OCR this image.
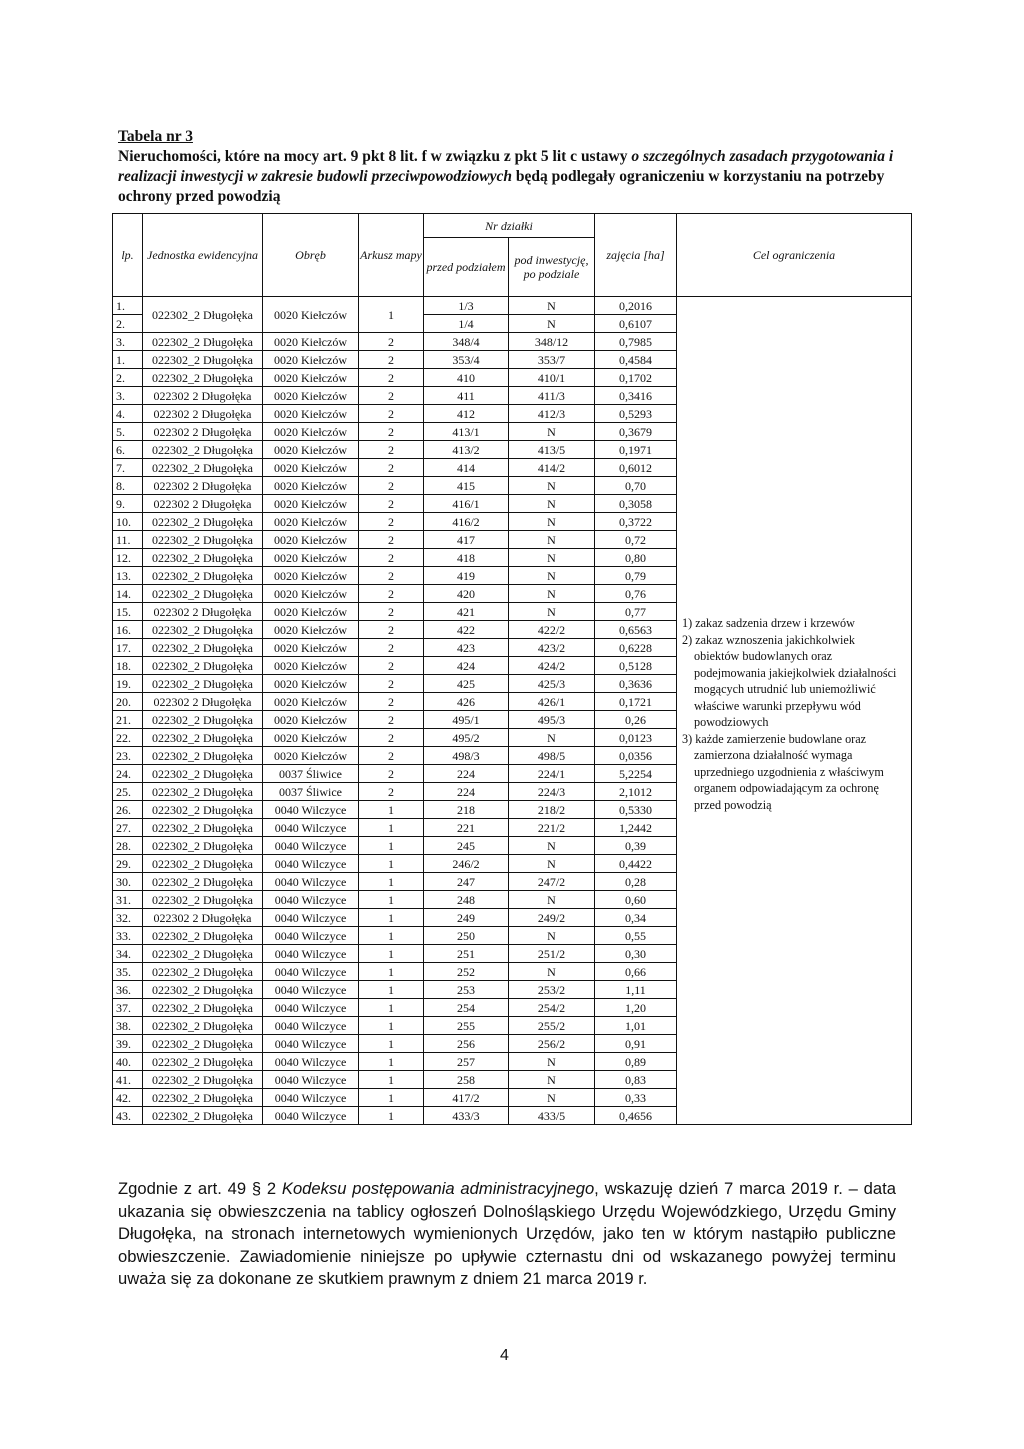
Tabela nr 3
Nieruchomości, które na mocy art. 9 pkt 8 lit. f w związku z pkt 5 lit c ustawy o szczególnych zasadach przygotowania i realizacji inwestycji w zakresie budowli przeciwpowodziowych będą podlegały ograniczeniu w korzystaniu na potrzeby ochrony przed powodzią
lp.	Jednostka ewidencyjna	Obręb	Arkusz mapy	Nr działki		zajęcia [ha]	Cel ograniczenia
				przed podziałem	pod inwestycję, po podziale		
1.	022302_2 Długołęka	0020 Kiełczów	1	1/3	N	0,2016	1) zakaz sadzenia drzew i krzewów
2) zakaz wznoszenia jakichkolwiek obiektów budowlanych oraz podejmowania jakiejkolwiek działalności mogących utrudnić lub uniemożliwić właściwe warunki przepływu wód powodziowych
3) każde zamierzenie budowlane oraz zamierzona działalność wymaga uprzedniego uzgodnienia z właściwym organem odpowiadającym za ochronę przed powodzią

2.				1/4	N	0,6107	
3.	022302_2 Długołęka	0020 Kiełczów	2	348/4	348/12	0,7985	
1.	022302_2 Długołęka	0020 Kiełczów	2	353/4	353/7	0,4584	
2.	022302_2 Długołęka	0020 Kiełczów	2	410	410/1	0,1702	
3.	022302 2 Długołęka	0020 Kiełczów	2	411	411/3	0,3416	
4.	022302 2 Długołęka	0020 Kiełczów	2	412	412/3	0,5293	
5.	022302 2 Długołęka	0020 Kiełczów	2	413/1	N	0,3679	
6.	022302_2 Długołęka	0020 Kiełczów	2	413/2	413/5	0,1971	
7.	022302_2 Długołęka	0020 Kiełczów	2	414	414/2	0,6012	
8.	022302 2 Długołęka	0020 Kiełczów	2	415	N	0,70	
9.	022302 2 Długołęka	0020 Kiełczów	2	416/1	N	0,3058	
10.	022302_2 Długołęka	0020 Kiełczów	2	416/2	N	0,3722	
11.	022302_2 Długołęka	0020 Kiełczów	2	417	N	0,72	
12.	022302_2 Długołęka	0020 Kiełczów	2	418	N	0,80	
13.	022302_2 Długołęka	0020 Kiełczów	2	419	N	0,79	
14.	022302_2 Długołęka	0020 Kiełczów	2	420	N	0,76	
15.	022302 2 Długołęka	0020 Kiełczów	2	421	N	0,77	
16.	022302_2 Długołęka	0020 Kiełczów	2	422	422/2	0,6563	
17.	022302_2 Długołęka	0020 Kiełczów	2	423	423/2	0,6228	
18.	022302_2 Długołęka	0020 Kiełczów	2	424	424/2	0,5128	
19.	022302_2 Długołęka	0020 Kiełczów	2	425	425/3	0,3636	
20.	022302 2 Długołęka	0020 Kiełczów	2	426	426/1	0,1721	
21.	022302_2 Długołęka	0020 Kiełczów	2	495/1	495/3	0,26	
22.	022302_2 Długołęka	0020 Kiełczów	2	495/2	N	0,0123	
23.	022302_2 Długołęka	0020 Kiełczów	2	498/3	498/5	0,0356	
24.	022302_2 Długołęka	0037 Śliwice	2	224	224/1	5,2254	
25.	022302_2 Długołęka	0037 Śliwice	2	224	224/3	2,1012	
26.	022302_2 Długołęka	0040 Wilczyce	1	218	218/2	0,5330	
27.	022302_2 Długołęka	0040 Wilczyce	1	221	221/2	1,2442	
28.	022302_2 Długołęka	0040 Wilczyce	1	245	N	0,39	
29.	022302_2 Długołęka	0040 Wilczyce	1	246/2	N	0,4422	
30.	022302_2 Długołęka	0040 Wilczyce	1	247	247/2	0,28	
31.	022302_2 Długołęka	0040 Wilczyce	1	248	N	0,60	
32.	022302 2 Długołęka	0040 Wilczyce	1	249	249/2	0,34	
33.	022302_2 Długołęka	0040 Wilczyce	1	250	N	0,55	
34.	022302_2 Długołęka	0040 Wilczyce	1	251	251/2	0,30	
35.	022302_2 Długołęka	0040 Wilczyce	1	252	N	0,66	
36.	022302_2 Długołęka	0040 Wilczyce	1	253	253/2	1,11	
37.	022302_2 Długołęka	0040 Wilczyce	1	254	254/2	1,20	
38.	022302_2 Długołęka	0040 Wilczyce	1	255	255/2	1,01	
39.	022302_2 Długołęka	0040 Wilczyce	1	256	256/2	0,91	
40.	022302_2 Długołęka	0040 Wilczyce	1	257	N	0,89	
41.	022302_2 Długołęka	0040 Wilczyce	1	258	N	0,83	
42.	022302_2 Długołęka	0040 Wilczyce	1	417/2	N	0,33	
43.	022302_2 Długołęka	0040 Wilczyce	1	433/3	433/5	0,4656	
Zgodnie z art. 49 § 2 Kodeksu postępowania administracyjnego, wskazuję dzień 7 marca 2019 r. – data ukazania się obwieszczenia na tablicy ogłoszeń Dolnośląskiego Urzędu Wojewódzkiego, Urzędu Gminy Długołęka, na stronach internetowych wymienionych Urzędów, jako ten w którym nastąpiło publiczne obwieszczenie. Zawiadomienie niniejsze po upływie czternastu dni od wskazanego powyżej terminu uważa się za dokonane ze skutkiem prawnym z dniem 21 marca 2019 r.
4
